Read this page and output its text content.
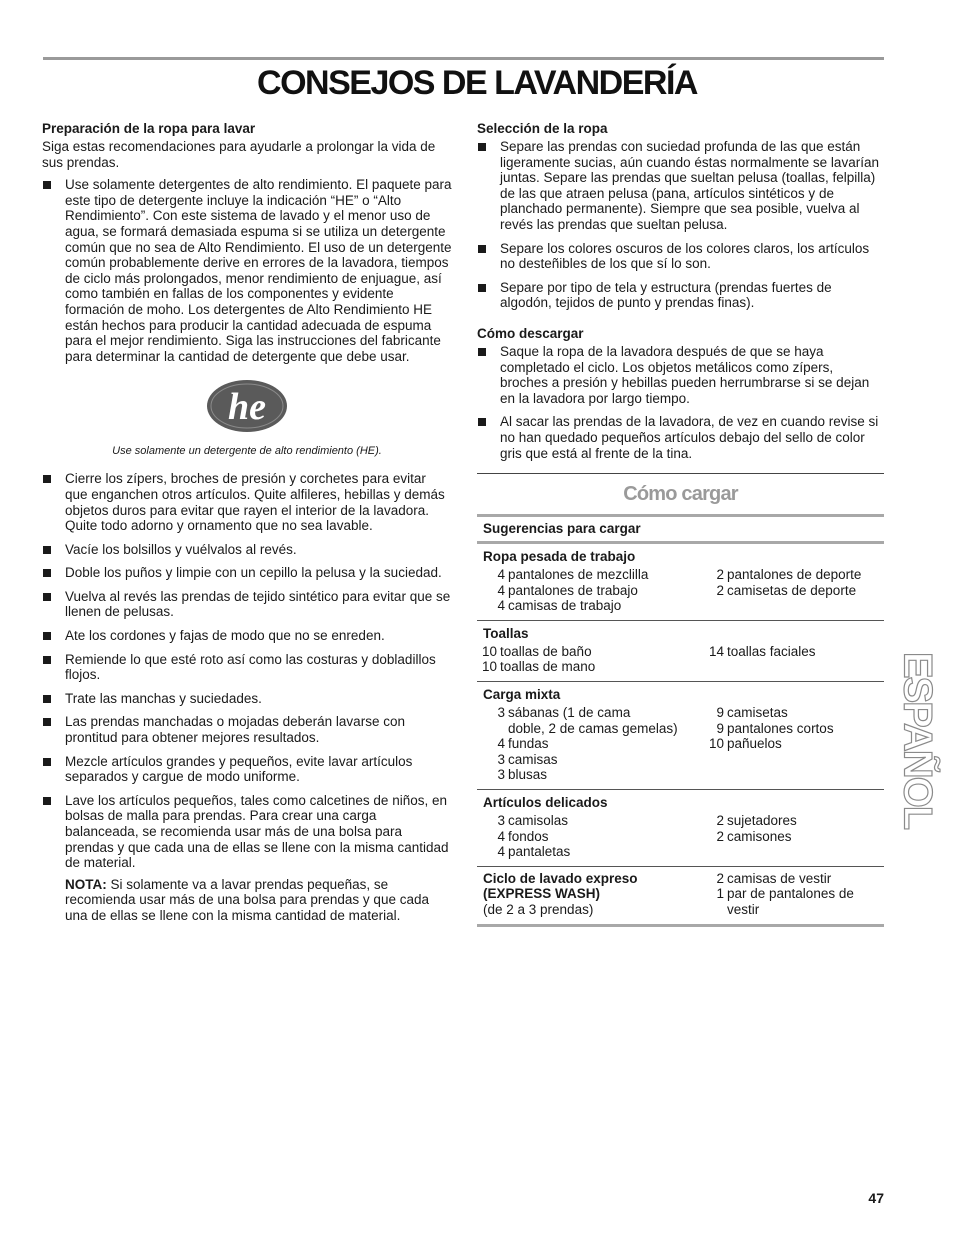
CONSEJOS DE LAVANDERÍA
Preparación de la ropa para lavar

Siga estas recomendaciones para ayudarle a prolongar la vida de sus prendas.

Use solamente detergentes de alto rendimiento. El paquete para este tipo de detergente incluye la indicación “HE” o “Alto Rendimiento”. Con este sistema de lavado y el menor uso de agua, se formará demasiada espuma si se utiliza un detergente común que no sea de Alto Rendimiento. El uso de un detergente común probablemente derive en errores de la lavadora, tiempos de ciclo más prolongados, menor rendimiento de enjuague, así como también en fallas de los componentes y evidente formación de moho. Los detergentes de Alto Rendimiento HE están hechos para producir la cantidad adecuada de espuma para el mejor rendimiento. Siga las instrucciones del fabricante para determinar la cantidad de detergente que debe usar.
he
Use solamente un detergente de alto rendimiento (HE).
Cierre los zípers, broches de presión y corchetes para evitar que enganchen otros artículos. Quite alfileres, hebillas y demás objetos duros para evitar que rayen el interior de la lavadora. Quite todo adorno y ornamento que no sea lavable.
Vacíe los bolsillos y vuélvalos al revés.
Doble los puños y limpie con un cepillo la pelusa y la suciedad.
Vuelva al revés las prendas de tejido sintético para evitar que se llenen de pelusas.
Ate los cordones y fajas de modo que no se enreden.
Remiende lo que esté roto así como las costuras y dobladillos flojos.
Trate las manchas y suciedades.
Las prendas manchadas o mojadas deberán lavarse con prontitud para obtener mejores resultados.
Mezcle artículos grandes y pequeños, evite lavar artículos separados y cargue de modo uniforme.
Lave los artículos pequeños, tales como calcetines de niños, en bolsas de malla para prendas. Para crear una carga balanceada, se recomienda usar más de una bolsa para prendas y que cada una de ellas se llene con la misma cantidad de material.

NOTA: Si solamente va a lavar prendas pequeñas, se recomienda usar más de una bolsa para prendas y que cada una de ellas se llene con la misma cantidad de material.

Selección de la ropa
Separe las prendas con suciedad profunda de las que están ligeramente sucias, aún cuando éstas normalmente se lavarían juntas. Separe las prendas que sueltan pelusa (toallas, felpilla) de las que atraen pelusa (pana, artículos sintéticos y de planchado permanente). Siempre que sea posible, vuelva al revés las prendas que sueltan pelusa.
Separe los colores oscuros de los colores claros, los artículos no desteñibles de los que sí lo son.
Separe por tipo de tela y estructura (prendas fuertes de algodón, tejidos de punto y prendas finas).
Cómo descargar
Saque la ropa de la lavadora después de que se haya completado el ciclo. Los objetos metálicos como zípers, broches a presión y hebillas pueden herrumbrarse si se dejan en la lavadora por largo tiempo.
Al sacar las prendas de la lavadora, de vez en cuando revise si no han quedado pequeños artículos debajo del sello de color gris que está al frente de la tina.
Cómo cargar
Sugerencias para cargar
Ropa pesada de trabajo
4 pantalones de mezclilla
4 pantalones de trabajo
4 camisas de trabajo
2 pantalones de deporte
2 camisetas de deporte
Toallas
10 toallas de baño
10 toallas de mano
14 toallas faciales
Carga mixta
3 sábanas (1 de cama
doble, 2 de camas gemelas)
4 fundas
3 camisas
3 blusas
9 camisetas
9 pantalones cortos
10 pañuelos
Artículos delicados
3 camisolas
4 fondos
4 pantaletas
2 sujetadores
2 camisones
Ciclo de lavado expreso
(EXPRESS WASH)
(de 2 a 3 prendas)
2 camisas de vestir
1 par de pantalones de
vestir
ESPAÑOL
47
